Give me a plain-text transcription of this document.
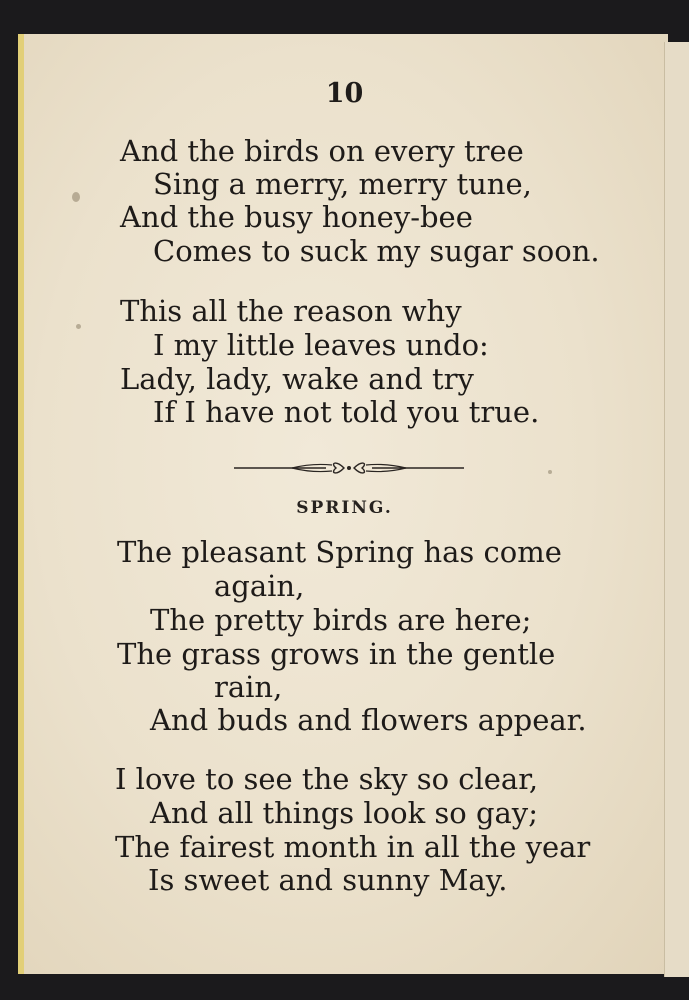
10

And the birds on every tree

Sing a merry, merry tune,

And the busy honey-bee

Comes to suck my sugar soon.

This all the reason why

I my little leaves undo:

Lady, lady, wake and try

If I have not told you true.

SPRING.

The pleasant Spring has come

again,

The pretty birds are here;

The grass grows in the gentle

rain,

And buds and flowers appear.

I love to see the sky so clear,

And all things look so gay;

The fairest month in all the year

Is sweet and sunny May.
